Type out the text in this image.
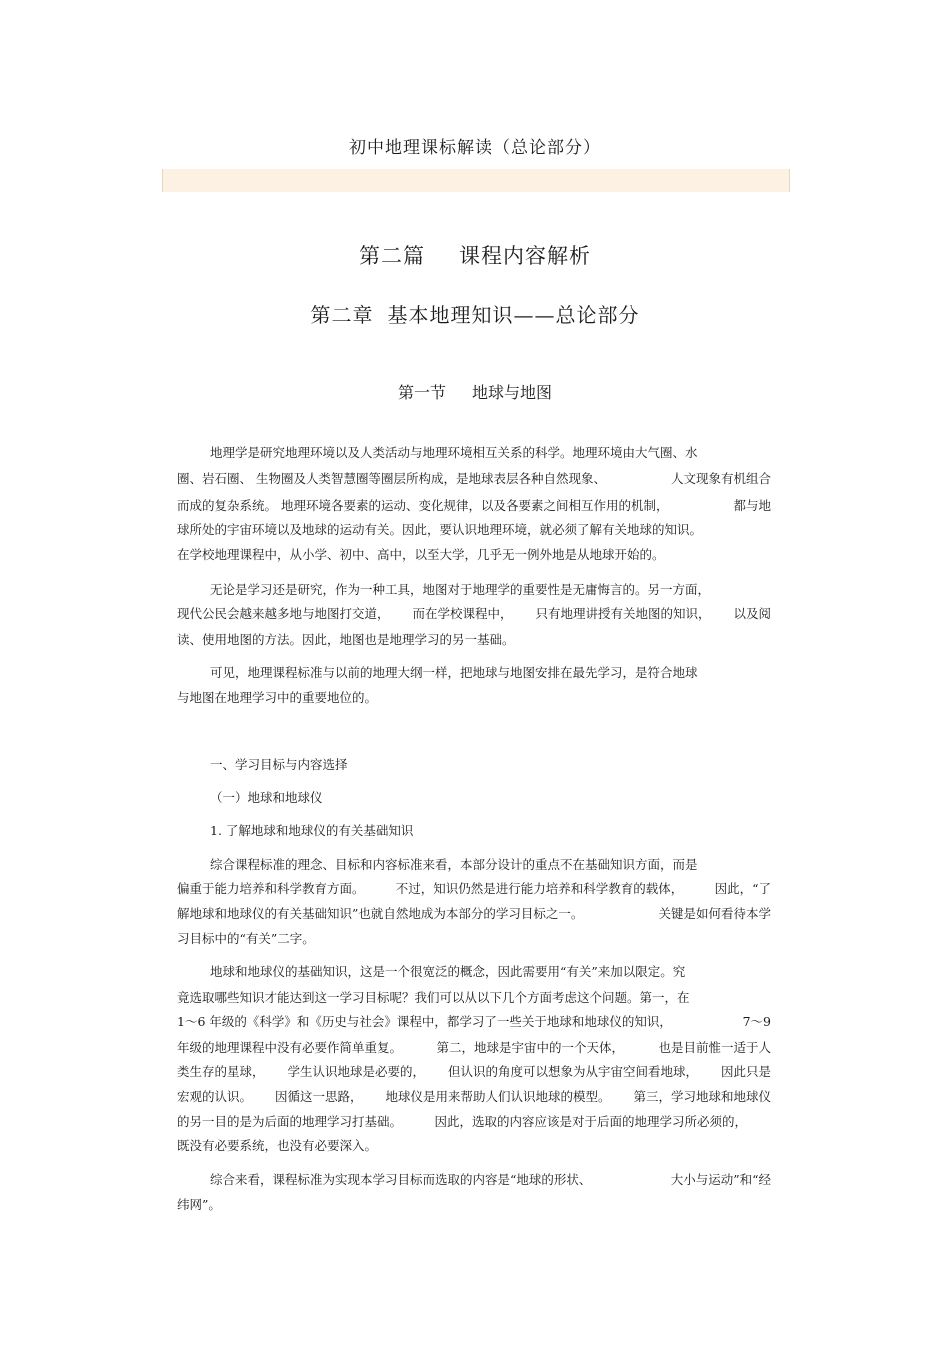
初中地理课标解读（总论部分）
第二篇 课程内容解析
第二章 基本地理知识——总论部分
第一节 地球与地图
地理学是研究地理环境以及人类活动与地理环境相互关系的科学。地理环境由大气圈、水
圈、岩石圈、 生物圈及人类智慧圈等圈层所构成，是地球表层各种自然现象、	人文现象有机组合
而成的复杂系统。 地理环境各要素的运动、变化规律，以及各要素之间相互作用的机制，	都与地
球所处的宇宙环境以及地球的运动有关。因此，要认识地理环境，就必须了解有关地球的知识。
在学校地理课程中，从小学、初中、高中，以至大学，几乎无一例外地是从地球开始的。
无论是学习还是研究，作为一种工具，地图对于地理学的重要性是无庸悔言的。另一方面，
现代公民会越来越多地与地图打交道， 而在学校课程中， 只有地理讲授有关地图的知识， 以及阅
读、使用地图的方法。因此，地图也是地理学习的另一基础。
可见，地理课程标准与以前的地理大纲一样，把地球与地图安排在最先学习，是符合地球
与地图在地理学习中的重要地位的。
一、学习目标与内容选择
（一）地球和地球仪
1. 了解地球和地球仪的有关基础知识
综合课程标准的理念、目标和内容标准来看，本部分设计的重点不在基础知识方面，而是
偏重于能力培养和科学教育方面。	不过，知识仍然是进行能力培养和科学教育的载体，	因此，“了
解地球和地球仪的有关基础知识”也就自然地成为本部分的学习目标之一。	关键是如何看待本学
习目标中的“有关”二字。
地球和地球仪的基础知识，这是一个很宽泛的概念，因此需要用“有关”来加以限定。究
竟选取哪些知识才能达到这一学习目标呢？我们可以从以下几个方面考虑这个问题。第一，在
1～6 年级的《科学》和《历史与社会》课程中，都学习了一些关于地球和地球仪的知识，	7～9
年级的地理课程中没有必要作简单重复。	第二，地球是宇宙中的一个天体，	也是目前惟一适于人
类生存的星球， 学生认识地球是必要的， 但认识的角度可以想象为从宇宙空间看地球， 因此只是
宏观的认识。 因循这一思路， 地球仪是用来帮助人们认识地球的模型。 第三，学习地球和地球仪
的另一目的是为后面的地理学习打基础。	因此，选取的内容应该是对于后面的地理学习所必须的，
既没有必要系统，也没有必要深入。
综合来看，课程标准为实现本学习目标而选取的内容是“地球的形状、	大小与运动”和“经
纬网”。
